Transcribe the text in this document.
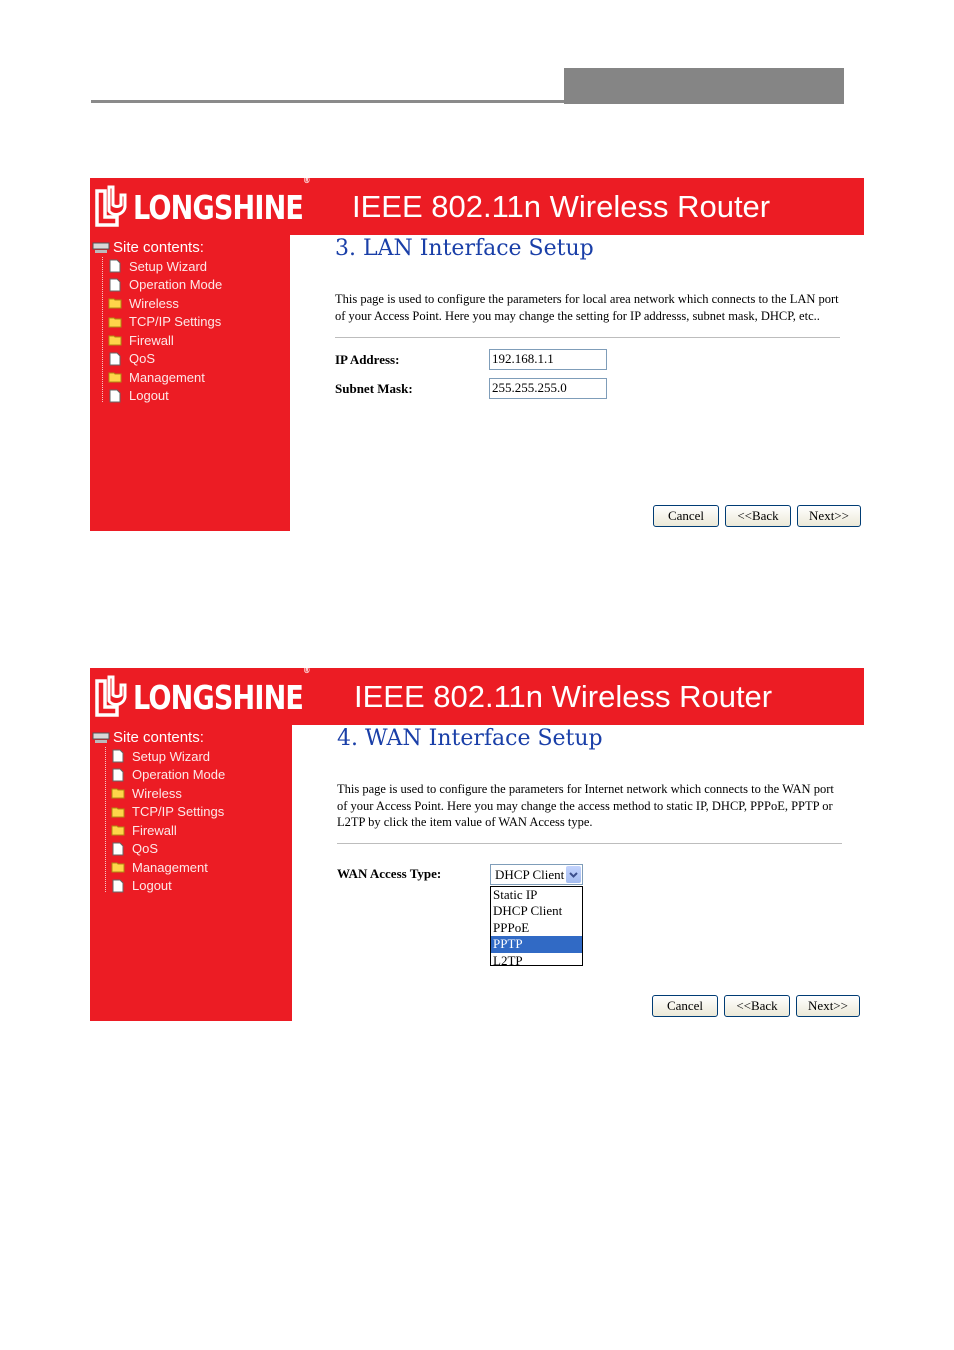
LONGSHINE®
IEEE 802.11n Wireless Router
Site contents:
Setup Wizard
Operation Mode
Wireless
TCP/IP Settings
Firewall
QoS
Management
Logout
3. LAN Interface Setup
This page is used to configure the parameters for local area network which connects to the LAN port of your Access Point. Here you may change the setting for IP addresss, subnet mask, DHCP, etc..
IP Address:	192.168.1.1
Subnet Mask:	255.255.255.0
Cancel	<<Back	Next>>
LONGSHINE®
IEEE 802.11n Wireless Router
Site contents:
Setup Wizard
Operation Mode
Wireless
TCP/IP Settings
Firewall
QoS
Management
Logout
4. WAN Interface Setup
This page is used to configure the parameters for Internet network which connects to the WAN port of your Access Point. Here you may change the access method to static IP, DHCP, PPPoE, PPTP or L2TP by click the item value of WAN Access type.
WAN Access Type:	DHCP Client
Static IP
DHCP Client
PPPoE
PPTP
L2TP
Cancel	<<Back	Next>>
